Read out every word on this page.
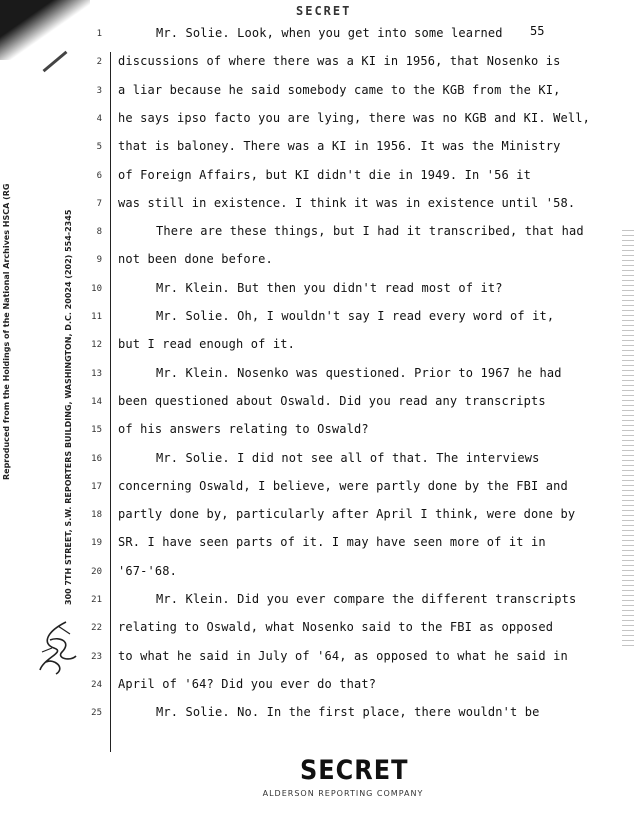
SECRET
55
Reproduced from the Holdings of the National Archives HSCA (RG	300 7TH STREET, S.W. REPORTERS BUILDING, WASHINGTON, D.C. 20024 (202) 554-2345
1
2
3
4
5
6
7
8
9
10
11
12
13
14
15
16
17
18
19
20
21
22
23
24
25
Mr. Solie. Look, when you get into some learned
discussions of where there was a KI in 1956, that Nosenko is
a liar because he said somebody came to the KGB from the KI,
he says ipso facto you are lying, there was no KGB and KI. Well,
that is baloney. There was a KI in 1956. It was the Ministry
of Foreign Affairs, but KI didn't die in 1949. In '56 it
was still in existence. I think it was in existence until '58.
There are these things, but I had it transcribed, that had
not been done before.
Mr. Klein. But then you didn't read most of it?
Mr. Solie. Oh, I wouldn't say I read every word of it,
but I read enough of it.
Mr. Klein. Nosenko was questioned. Prior to 1967 he had
been questioned about Oswald. Did you read any transcripts
of his answers relating to Oswald?
Mr. Solie. I did not see all of that. The interviews
concerning Oswald, I believe, were partly done by the FBI and
partly done by, particularly after April I think, were done by
SR. I have seen parts of it. I may have seen more of it in
'67-'68.
Mr. Klein. Did you ever compare the different transcripts
relating to Oswald, what Nosenko said to the FBI as opposed
to what he said in July of '64, as opposed to what he said in
April of '64? Did you ever do that?
Mr. Solie. No. In the first place, there wouldn't be
SECRET
ALDERSON REPORTING COMPANY
